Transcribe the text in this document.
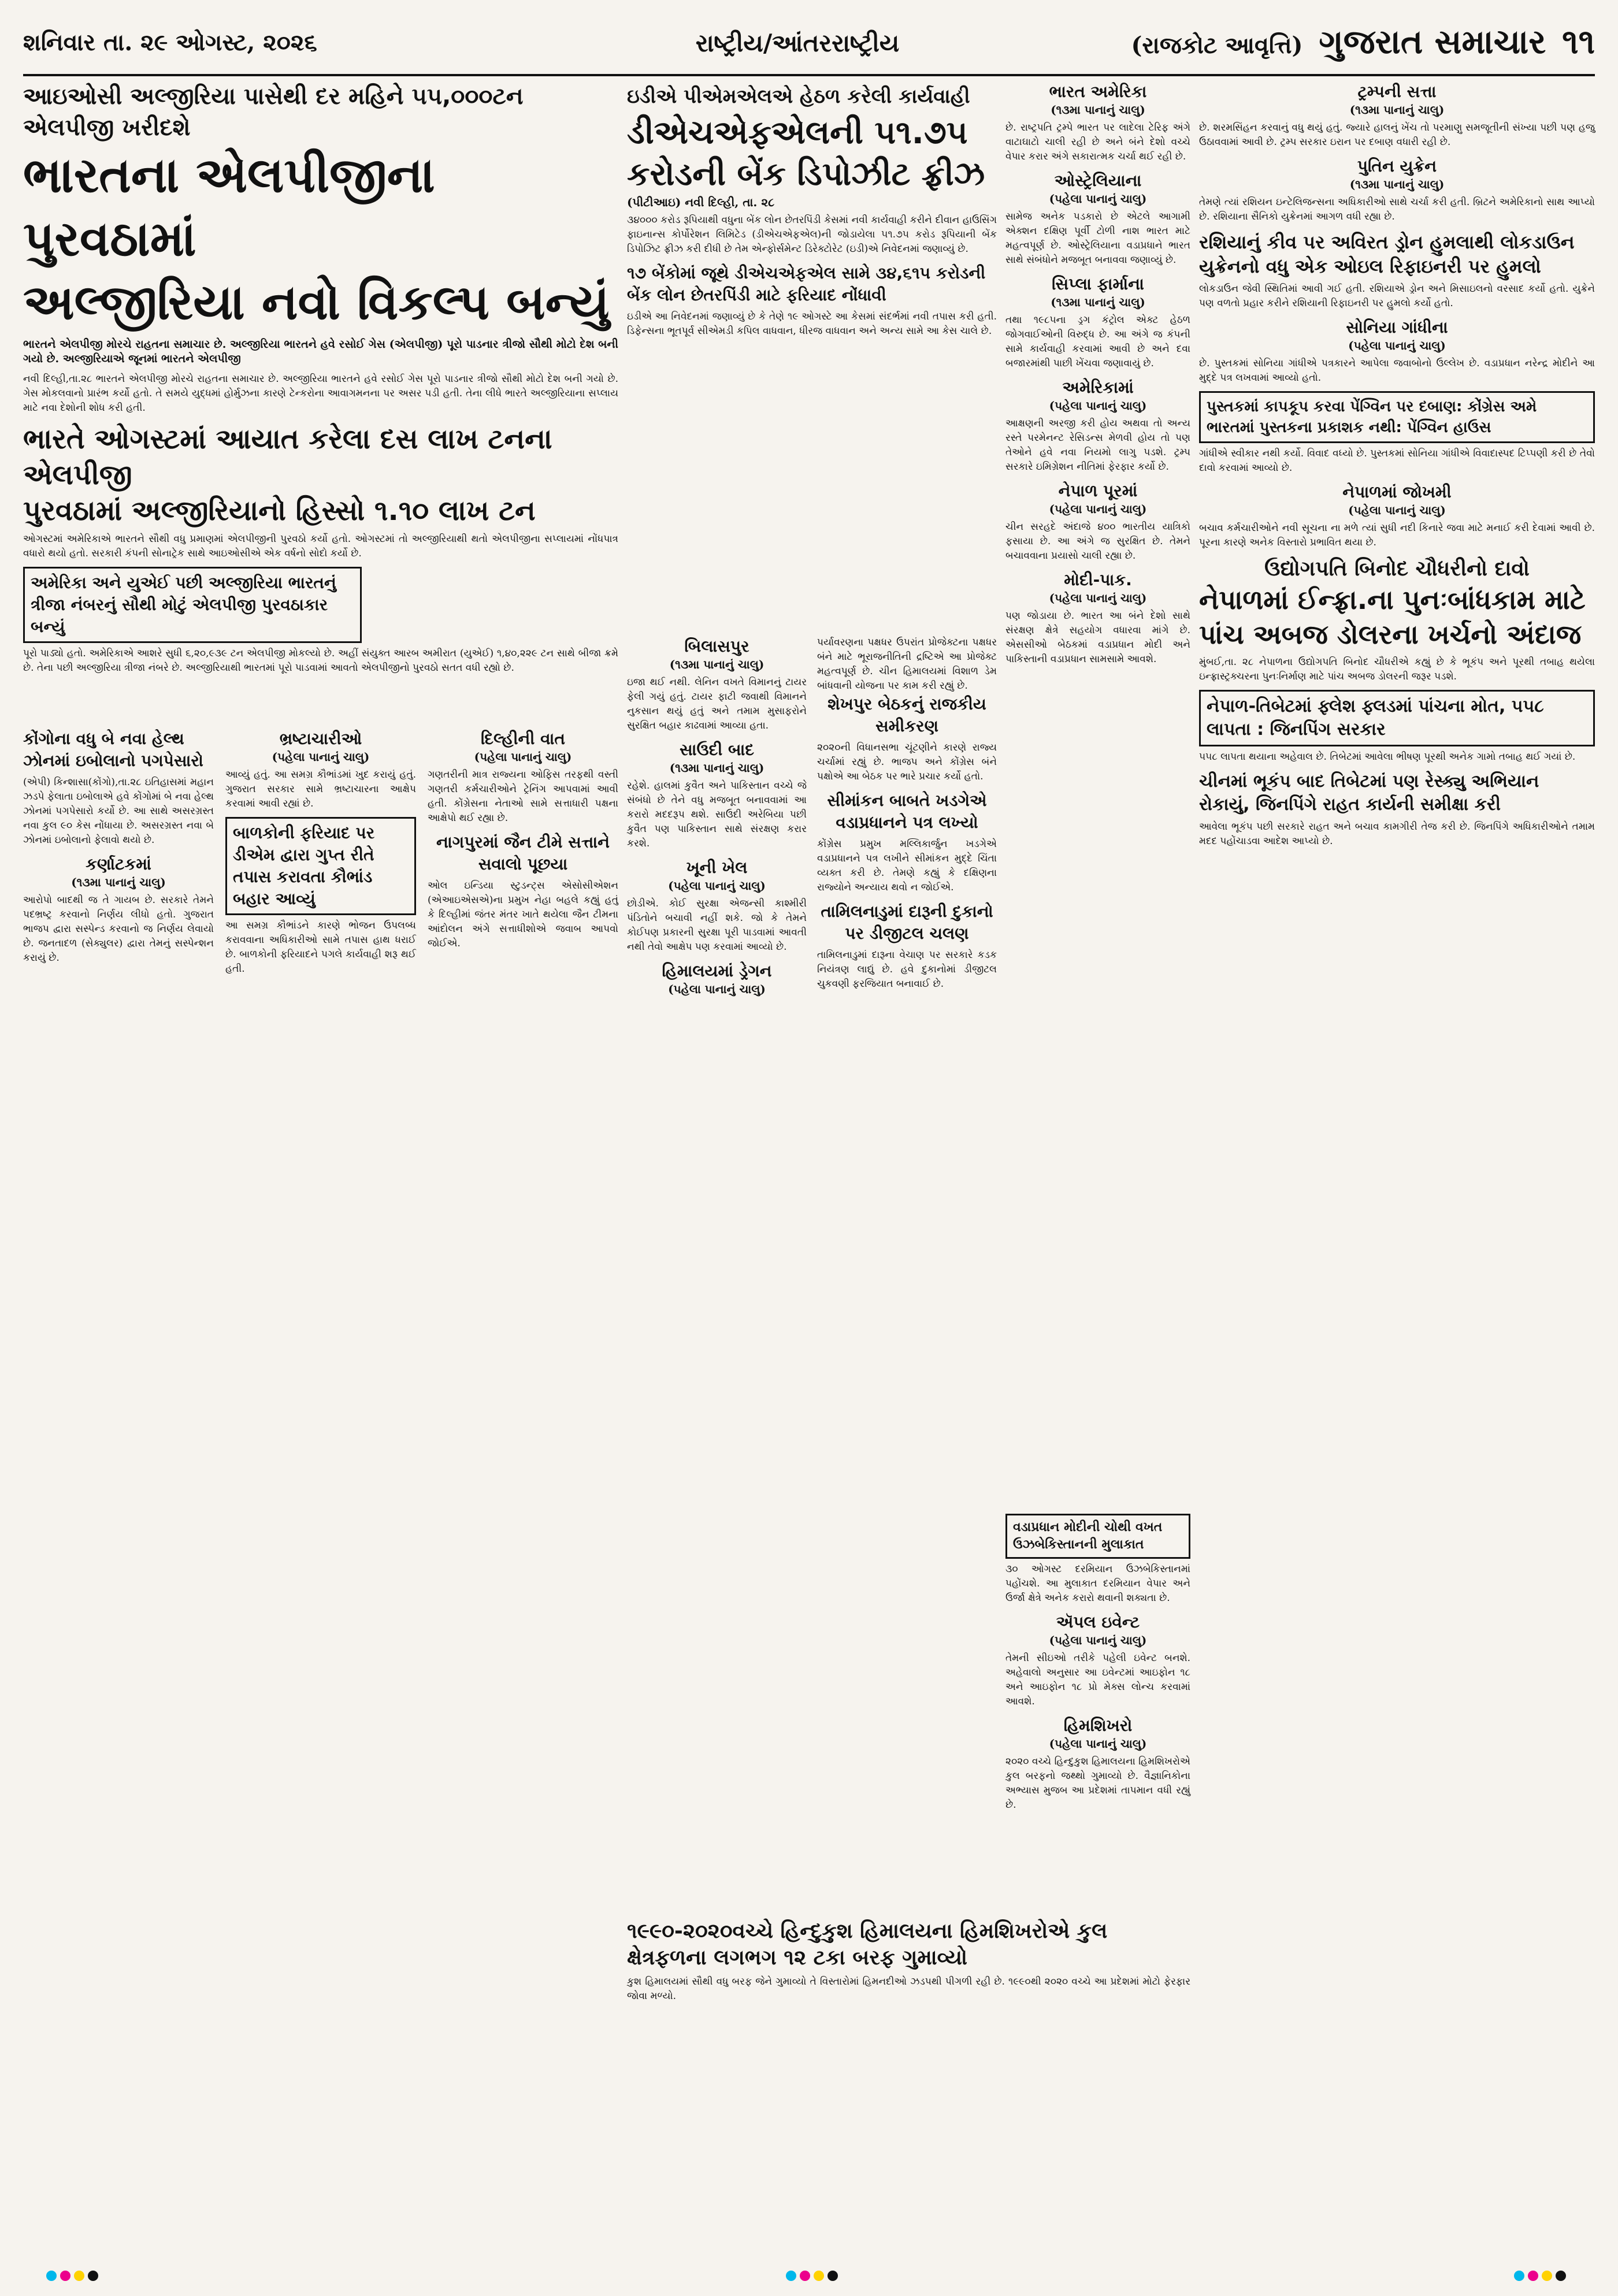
શનિવાર તા. ૨૯ ઓગસ્ટ, ૨૦૨૬	રાષ્ટ્રીય/આંતરરાષ્ટ્રીય	(રાજકોટ આવૃત્તિ) ગુજરાત સમાચાર ૧૧
આઇઓસી અલ્જીરિયા પાસેથી દર મહિને ૫૫,૦૦૦ટન એલપીજી ખરીદશે
ભારતના એલપીજીના પુરવઠામાં
અલ્જીરિયા નવો વિકલ્પ બન્યું
ભારતને એલપીજી મોરચે રાહતના સમાચાર છે. અલ્જીરિયા ભારતને હવે રસોઈ ગેસ (એલપીજી) પૂરો પાડનાર ત્રીજો સૌથી મોટો દેશ બની ગયો છે. અલ્જીરિયાએ જૂનમાં ભારતને એલપીજી
નવી દિલ્હી,તા.૨૮ ભારતને એલપીજી મોરચે રાહતના સમાચાર છે. અલ્જીરિયા ભારતને હવે રસોઈ ગેસ પૂરો પાડનાર ત્રીજો સૌથી મોટો દેશ બની ગયો છે. ગેસ મોકલવાનો પ્રારંભ કર્યો હતો. તે સમયે યુદ્ધમાં હોર્મુઝના કારણે ટેન્કરોના આવાગમનના પર અસર પડી હતી. તેના લીધે ભારતે અલ્જીરિયાના સપ્લાય માટે નવા દેશોની શોધ કરી હતી.
ભારતે ઓગસ્ટમાં આયાત કરેલા દસ લાખ ટનના એલપીજી
પુરવઠામાં અલ્જીરિયાનો હિસ્સો ૧.૧૦ લાખ ટન
ઓગસ્ટમાં અમેરિકાએ ભારતને સૌથી વધુ પ્રમાણમાં એલપીજીની પુરવઠો કર્યો હતો. ઓગસ્ટમાં તો અલ્જીરિયાથી થતો એલપીજીના સપ્લાયમાં નોંધપાત્ર વધારો થયો હતો. સરકારી કંપની સોનાટ્રેક સાથે આઇઓસીએ એક વર્ષનો સોદો કર્યો છે.
અમેરિકા અને યુએઈ પછી અલ્જીરિયા ભારતનું ત્રીજા નંબરનું સૌથી મોટું એલપીજી પુરવઠાકાર બન્યું
પૂરો પાડ્યો હતો. અમેરિકાએ આશરે સુધી ૬,૨૦,૯૩૯ ટન એલપીજી મોકલ્યો છે. અહીં સંયુક્ત આરબ અમીરાત (યુએઈ) ૧,૪૦,૨૨૯ ટન સાથે બીજા ક્રમે છે. તેના પછી અલ્જીરિયા ત્રીજા નંબરે છે. અલ્જીરિયાથી ભારતમાં પૂરો પાડવામાં આવતો એલપીજીનો પુરવઠો સતત વધી રહ્યો છે.
કોંગોના વધુ બે નવા હેલ્થ ઝોનમાં ઇબોલાનો પગપેસારો
(એપી) કિન્શાસા(કોંગો),તા.૨૮ ઇતિહાસમાં મહાન ઝડપે ફેલાતા ઇબોલાએ હવે કોંગોમાં બે નવા હેલ્થ ઝોનમાં પગપેસારો કર્યો છે. આ સાથે અસરગ્રસ્ત નવા કુલ ૯૦ કેસ નોંધાયા છે. અસરગ્રસ્ત નવા બે ઝોનમાં ઇબોલાનો ફેલાવો થયો છે.
કર્ણાટકમાં
(૧૩મા પાનાનું ચાલુ)
આરોપો બાદથી જ તે ગાયબ છે. સરકારે તેમને પદભ્રષ્ટ્ર કરવાનો નિર્ણય લીધો હતો. ગુજરાત ભાજપ દ્વારા સસ્પેન્ડ કરવાનો જ નિર્ણય લેવાયો છે. જનતાદળ (સેક્યુલર) દ્વારા તેમનું સસ્પેન્શન કરાયું છે.
ભ્રષ્ટાચારીઓ
(પહેલા પાનાનું ચાલુ)
આવ્યું હતું. આ સમગ્ર કૌભાંડમાં ખુદ કરાયું હતું. ગુજરાત સરકાર સામે ભ્રષ્ટાચારના આક્ષેપ કરવામાં આવી રહ્યાં છે.
બાળકોની ફરિયાદ પર ડીએમ દ્વારા ગુપ્ત રીતે તપાસ કરાવતા કૌભાંડ બહાર આવ્યું
આ સમગ્ર કૌભાંડને કારણે ભોજન ઉપલબ્ધ કરાવવાના અધિકારીઓ સામે તપાસ હાથ ધરાઈ છે. બાળકોની ફરિયાદને પગલે કાર્યવાહી શરૂ થઈ હતી.
દિલ્હીની વાત
(પહેલા પાનાનું ચાલુ)
ગણતરીની માત્ર રાજ્યના ઓફિસ તરફથી વસ્તી ગણતરી કર્મચારીઓને ટ્રેનિંગ આપવામાં આવી હતી. કોંગ્રેસના નેતાઓ સામે સત્તાધારી પક્ષના આક્ષેપો થઈ રહ્યા છે.
નાગપુરમાં જૈન ટીમે સત્તાને સવાલો પૂછયા
ઓલ ઇન્ડિયા સ્ટુડન્ટ્સ એસોસીએશન (એઆઇએસએ)ના પ્રમુખ નેહા બહલે કહ્યું હતું કે દિલ્હીમાં જંતર મંતર ખાતે થયેલા જૈન ટીમના આંદોલન અંગે સત્તાધીશોએ જવાબ આપવો જોઈએ.
ઇડીએ પીએમએલએ હેઠળ કરેલી કાર્યવાહી
ડીએચએફએલની ૫૧.૭૫ કરોડની બેંક ડિપોઝીટ ફ્રીઝ
(પીટીઆઇ) નવી દિલ્હી, તા. ૨૮
૩૪૦૦૦ કરોડ રૂપિયાથી વધુના બેંક લોન છેતરપિંડી કેસમાં નવી કાર્યવાહી કરીને દીવાન હાઉસિંગ ફાઇનાન્સ કોર્પોરેશન લિમિટેડ (ડીએચએફએલ)ની જોડાયેલા ૫૧.૭૫ કરોડ રૂપિયાની બેંક ડિપોઝિટ ફ્રીઝ કરી દીધી છે તેમ એન્ફોર્સમેન્ટ ડિરેક્ટોરેટ (ઇડી)એ નિવેદનમાં જણાવ્યું છે.
૧૭ બેંકોમાં જૂથે ડીએચએફએલ સામે ૩૪,૬૧૫ કરોડની બેંક લોન છેતરપિંડી માટે ફરિયાદ નોંધાવી
ઇડીએ આ નિવેદનમાં જણાવ્યું છે કે તેણે ૧૯ ઓગસ્ટે આ કેસમાં સંદર્ભમાં નવી તપાસ કરી હતી. ડિફેન્સના ભૂતપૂર્વ સીએમડી કપિલ વાધવાન, ધીરજ વાધવાન અને અન્ય સામે આ કેસ ચાલે છે.
બિલાસપુર
(૧૩મા પાનાનું ચાલુ)
ઇજા થઈ નથી. લેનિન વખતે વિમાનનું ટાયર ફેલી ગયું હતું. ટાયર ફાટી જવાથી વિમાનને નુકસાન થયું હતું અને તમામ મુસાફરોને સુરક્ષિત બહાર કાઢવામાં આવ્યા હતા.
સાઉદી બાદ
(૧૩મા પાનાનું ચાલુ)
રહેશે. હાલમાં કુવૈત અને પાકિસ્તાન વચ્ચે જે સંબંધો છે તેને વધુ મજબૂત બનાવવામાં આ કરારો મદદરૂપ થશે. સાઉદી અરેબિયા પછી કુવૈત પણ પાકિસ્તાન સાથે સંરક્ષણ કરાર કરશે.
ખૂની ખેલ
(પહેલા પાનાનું ચાલુ)
છોડીએ. કોઈ સુરક્ષા એજન્સી કાશ્મીરી પંડિતોને બચાવી નહીં શકે. જો કે તેમને કોઈપણ પ્રકારની સુરક્ષા પૂરી પાડવામાં આવતી નથી તેવો આક્ષેપ પણ કરવામાં આવ્યો છે.
હિમાલયમાં ડ્રેગન
(પહેલા પાનાનું ચાલુ)
પર્યાવરણના પક્ષધર ઉપરાંત પ્રોજેક્ટના પક્ષધર બંને માટે ભૂરાજનીતિની દ્રષ્ટિએ આ પ્રોજેક્ટ મહત્વપૂર્ણ છે. ચીન હિમાલયમાં વિશાળ ડેમ બાંધવાની યોજના પર કામ કરી રહ્યું છે.
શેખપુર બેઠકનું રાજકીય સમીકરણ
૨૦૨૦ની વિધાનસભા ચૂંટણીને કારણે રાજ્ય ચર્ચામાં રહ્યું છે. ભાજપ અને કોંગ્રેસ બંને પક્ષોએ આ બેઠક પર ભારે પ્રચાર કર્યો હતો.
સીમાંકન બાબતે ખડગેએ વડાપ્રધાનને પત્ર લખ્યો
કોંગ્રેસ પ્રમુખ મલ્લિકાર્જુન ખડગેએ વડાપ્રધાનને પત્ર લખીને સીમાંકન મુદ્દે ચિંતા વ્યક્ત કરી છે. તેમણે કહ્યું કે દક્ષિણના રાજ્યોને અન્યાય થવો ન જોઈએ.
તામિલનાડુમાં દારૂની દુકાનો પર ડીજીટલ ચલણ
તામિલનાડુમાં દારૂના વેચાણ પર સરકારે કડક નિયંત્રણ લાદ્યું છે. હવે દુકાનોમાં ડીજીટલ ચુકવણી ફરજિયાત બનાવાઈ છે.
ભારત અમેરિકા
(૧૩મા પાનાનું ચાલુ)
છે. રાષ્ટ્રપતિ ટ્રમ્પે ભારત પર લાદેલા ટેરિફ અંગે વાટાઘાટો ચાલી રહી છે અને બંને દેશો વચ્ચે વેપાર કરાર અંગે સકારાત્મક ચર્ચા થઈ રહી છે.
ઓસ્ટ્રેલિયાના
(પહેલા પાનાનું ચાલુ)
સામેજ અનેક પડકારો છે એટલે આગામી એક્શન દક્ષિણ પૂર્વી ટોળી નાશ ભારત માટે મહત્વપૂર્ણ છે. ઓસ્ટ્રેલિયાના વડાપ્રધાને ભારત સાથે સંબંધોને મજબૂત બનાવવા જણાવ્યું છે.
સિપ્લા ફાર્માના
(૧૩મા પાનાનું ચાલુ)
તથા ૧૯૮૫ના ડ્રગ કંટ્રોલ એક્ટ હેઠળ જોગવાઈઓની વિરુદ્ધ છે. આ અંગે જ કંપની સામે કાર્યવાહી કરવામાં આવી છે અને દવા બજારમાંથી પાછી ખેંચવા જણાવાયું છે.
અમેરિકામાં
(પહેલા પાનાનું ચાલુ)
આક્ષણની અરજી કરી હોય અથવા તો અન્ય રસ્તે પરમેનન્ટ રેસિડન્સ મેળવી હોય તો પણ તેઓને હવે નવા નિયમો લાગુ પડશે. ટ્રમ્પ સરકારે ઇમિગ્રેશન નીતિમાં ફેરફાર કર્યો છે.
નેપાળ પૂરમાં
(પહેલા પાનાનું ચાલુ)
ચીન સરહદે અંદાજે ૪૦૦ ભારતીય યાત્રિકો ફસાયા છે. આ અંગે જ સુરક્ષિત છે. તેમને બચાવવાના પ્રયાસો ચાલી રહ્યા છે.
મોદી-પાક.
(પહેલા પાનાનું ચાલુ)
પણ જોડાયા છે. ભારત આ બંને દેશો સાથે સંરક્ષણ ક્ષેત્રે સહયોગ વધારવા માંગે છે. એસસીઓ બેઠકમાં વડાપ્રધાન મોદી અને પાકિસ્તાની વડાપ્રધાન સામસામે આવશે.
વડાપ્રધાન મોદીની ચોથી વખત ઉઝબેકિસ્તાનની મુલાકાત
૩૦ ઓગસ્ટ દરમિયાન ઉઝબેકિસ્તાનમાં પહોંચશે. આ મુલાકાત દરમિયાન વેપાર અને ઉર્જા ક્ષેત્રે અનેક કરારો થવાની શક્યતા છે.
ઍપલ ઇવેન્ટ
(પહેલા પાનાનું ચાલુ)
તેમની સીઇઓ તરીકે પહેલી ઇવેન્ટ બનશે. અહેવાલો અનુસાર આ ઇવેન્ટમાં આઇફોન ૧૮ અને આઇફોન ૧૮ પ્રો મેક્સ લોન્ચ કરવામાં આવશે.
હિમશિખરો
(પહેલા પાનાનું ચાલુ)
૨૦૨૦ વચ્ચે હિન્દુકુશ હિમાલયના હિમશિખરોએ કુલ બરફનો જથ્થો ગુમાવ્યો છે. વૈજ્ઞાનિકોના અભ્યાસ મુજબ આ પ્રદેશમાં તાપમાન વધી રહ્યું છે.
૧૯૯૦-૨૦૨૦વચ્ચે હિન્દુકુશ હિમાલયના હિમશિખરોએ કુલ ક્ષેત્રફળના લગભગ ૧૨ ટકા બરફ ગુમાવ્યો
કુશ હિમાલયમાં સૌથી વધુ બરફ જેને ગુમાવ્યો તે વિસ્તારોમાં હિમનદીઓ ઝડપથી પીગળી રહી છે. ૧૯૯૦થી ૨૦૨૦ વચ્ચે આ પ્રદેશમાં મોટો ફેરફાર જોવા મળ્યો.
ટ્રમ્પની સત્તા
(૧૩મા પાનાનું ચાલુ)
છે. શરમસિંહન કરવાનું વધુ થયું હતું. જ્યારે હાલનું ખેંચ તો પરમાણુ સમજૂતીની સંખ્યા પછી પણ હજુ ઉઠાવવામાં આવી છે. ટ્રમ્પ સરકાર ઇરાન પર દબાણ વધારી રહી છે.
પુતિન યુક્રેન
(૧૩મા પાનાનું ચાલુ)
તેમણે ત્યાં રશિયન ઇન્ટેલિજન્સના અધિકારીઓ સાથે ચર્ચા કરી હતી. બ્રિટને અમેરિકાનો સાથ આપ્યો છે. રશિયાના સૈનિકો યુક્રેનમાં આગળ વધી રહ્યા છે.
રશિયાનું કીવ પર અવિરત ડ્રોન હુમલાથી લોકડાઉન યુક્રેનનો વધુ એક ઓઇલ રિફાઇનરી પર હુમલો
લોકડાઉન જેવી સ્થિતિમાં આવી ગઈ હતી. રશિયાએ ડ્રોન અને મિસાઇલનો વરસાદ કર્યો હતો. યુક્રેને પણ વળતો પ્રહાર કરીને રશિયાની રિફાઇનરી પર હુમલો કર્યો હતો.
સોનિયા ગાંધીના
(પહેલા પાનાનું ચાલુ)
છે. પુસ્તકમાં સોનિયા ગાંધીએ પત્રકારને આપેલા જવાબોનો ઉલ્લેખ છે. વડાપ્રધાન નરેન્દ્ર મોદીને આ મુદ્દે પત્ર લખવામાં આવ્યો હતો.
પુસ્તકમાં કાપકૂપ કરવા પેંગ્વિન પર દબાણ: કોંગ્રેસ અમે ભારતમાં પુસ્તકના પ્રકાશક નથી: પેંગ્વિન હાઉસ
ગાંધીએ સ્વીકાર નથી કર્યો. વિવાદ વધ્યો છે. પુસ્તકમાં સોનિયા ગાંધીએ વિવાદાસ્પદ ટિપ્પણી કરી છે તેવો દાવો કરવામાં આવ્યો છે.
નેપાળમાં જોખમી
(પહેલા પાનાનું ચાલુ)
બચાવ કર્મચારીઓને નવી સૂચના ના મળે ત્યાં સુધી નદી કિનારે જવા માટે મનાઈ કરી દેવામાં આવી છે. પૂરના કારણે અનેક વિસ્તારો પ્રભાવિત થયા છે.
ઉદ્યોગપતિ બિનોદ ચૌધરીનો દાવો
નેપાળમાં ઈન્ફ્રા.ના પુનઃબાંધકામ માટે પાંચ અબજ ડોલરના ખર્ચનો અંદાજ
મુંબઈ,તા. ૨૮ નેપાળના ઉદ્યોગપતિ બિનોદ ચૌધરીએ કહ્યું છે કે ભૂકંપ અને પૂરથી તબાહ થયેલા ઇન્ફ્રાસ્ટ્રક્ચરના પુનઃનિર્માણ માટે પાંચ અબજ ડોલરની જરૂર પડશે.
નેપાળ-તિબેટમાં ફ્લેશ ફ્લડમાં પાંચના મોત, ૫૫૮ લાપતા : જિનપિંગ સરકાર
૫૫૮ લાપતા થયાના અહેવાલ છે. તિબેટમાં આવેલા ભીષણ પૂરથી અનેક ગામો તબાહ થઈ ગયાં છે.
ચીનમાં ભૂકંપ બાદ તિબેટમાં પણ રેસ્ક્યુ અભિયાન રોકાયું, જિનપિંગે રાહત કાર્યની સમીક્ષા કરી
આવેલા ભૂકંપ પછી સરકારે રાહત અને બચાવ કામગીરી તેજ કરી છે. જિનપિંગે અધિકારીઓને તમામ મદદ પહોંચાડવા આદેશ આપ્યો છે.
